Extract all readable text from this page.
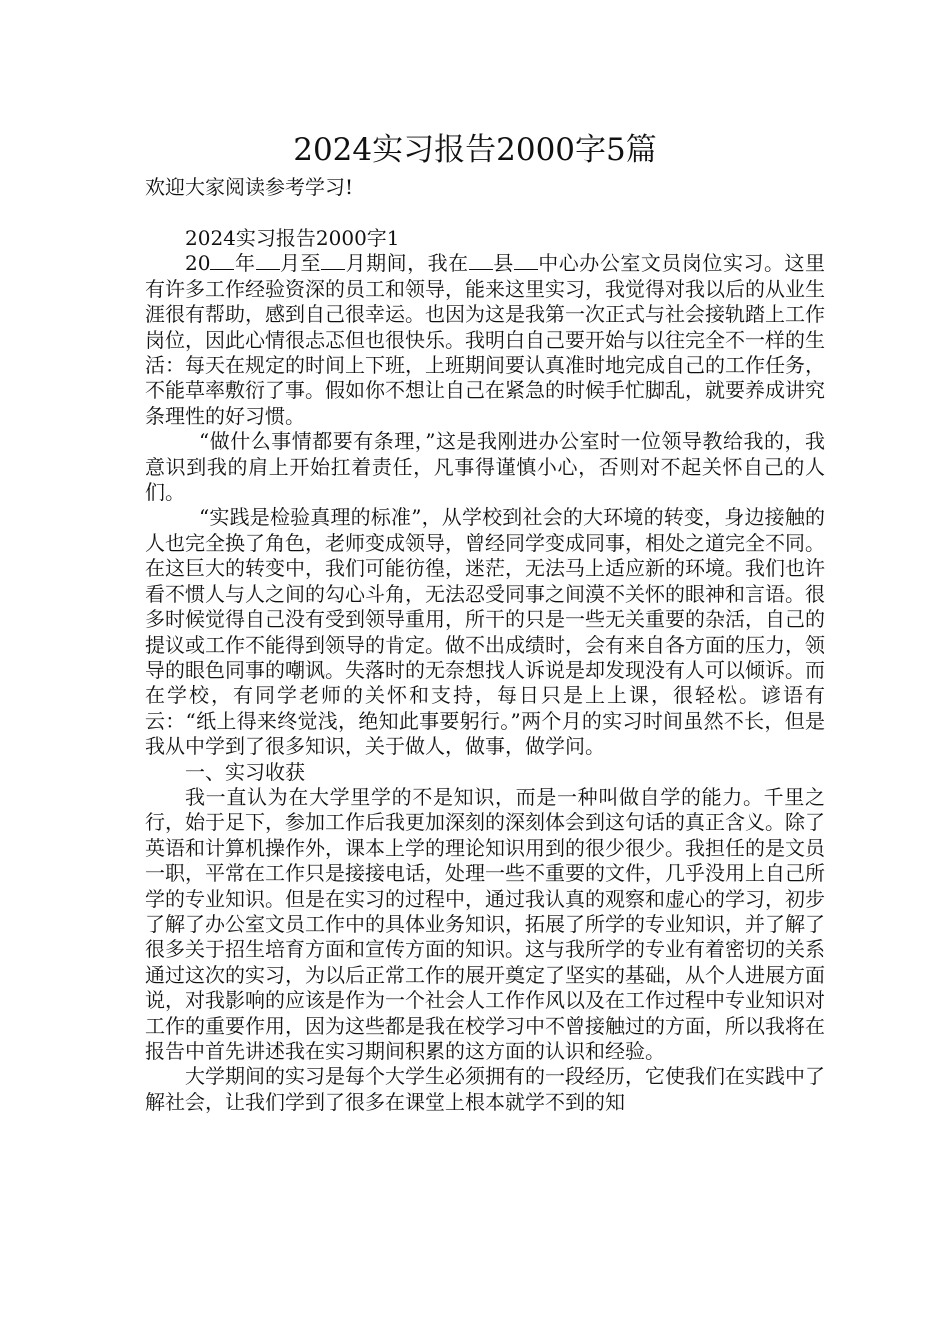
2024实习报告2000字5篇

欢迎大家阅读参考学习!

2024实习报告2000字1

20 年 月至 月期间，我在 县 中心办公室文员岗位实习。这里有许多工作经验资深的员工和领导，能来这里实习，我觉得对我以后的从业生涯很有帮助，感到自己很幸运。也因为这是我第一次正式与社会接轨踏上工作岗位，因此心情很忐忑但也很快乐。我明白自己要开始与以往完全不一样的生活：每天在规定的时间上下班，上班期间要认真准时地完成自己的工作任务，不能草率敷衍了事。假如你不想让自己在紧急的时候手忙脚乱，就要养成讲究条理性的好习惯。

“做什么事情都要有条理，”这是我刚进办公室时一位领导教给我的，我意识到我的肩上开始扛着责任，凡事得谨慎小心，否则对不起关怀自己的人们。

“实践是检验真理的标准”，从学校到社会的大环境的转变，身边接触的人也完全换了角色，老师变成领导，曾经同学变成同事，相处之道完全不同。在这巨大的转变中，我们可能彷徨，迷茫，无法马上适应新的环境。我们也许看不惯人与人之间的勾心斗角，无法忍受同事之间漠不关怀的眼神和言语。很多时候觉得自己没有受到领导重用，所干的只是一些无关重要的杂活，自己的提议或工作不能得到领导的肯定。做不出成绩时，会有来自各方面的压力，领导的眼色同事的嘲讽。失落时的无奈想找人诉说是却发现没有人可以倾诉。而在学校，有同学老师的关怀和支持，每日只是上上课，很轻松。谚语有云：“纸上得来终觉浅，绝知此事要躬行。”两个月的实习时间虽然不长，但是我从中学到了很多知识，关于做人，做事，做学问。

一、实习收获

我一直认为在大学里学的不是知识，而是一种叫做自学的能力。千里之行，始于足下，参加工作后我更加深刻的深刻体会到这句话的真正含义。除了英语和计算机操作外，课本上学的理论知识用到的很少很少。我担任的是文员一职，平常在工作只是接接电话，处理一些不重要的文件，几乎没用上自己所学的专业知识。但是在实习的过程中，通过我认真的观察和虚心的学习，初步了解了办公室文员工作中的具体业务知识，拓展了所学的专业知识，并了解了很多关于招生培育方面和宣传方面的知识。这与我所学的专业有着密切的关系通过这次的实习，为以后正常工作的展开奠定了坚实的基础，从个人进展方面说，对我影响的应该是作为一个社会人工作作风以及在工作过程中专业知识对工作的重要作用，因为这些都是我在校学习中不曾接触过的方面，所以我将在报告中首先讲述我在实习期间积累的这方面的认识和经验。

大学期间的实习是每个大学生必须拥有的一段经历，它使我们在实践中了解社会，让我们学到了很多在课堂上根本就学不到的知
